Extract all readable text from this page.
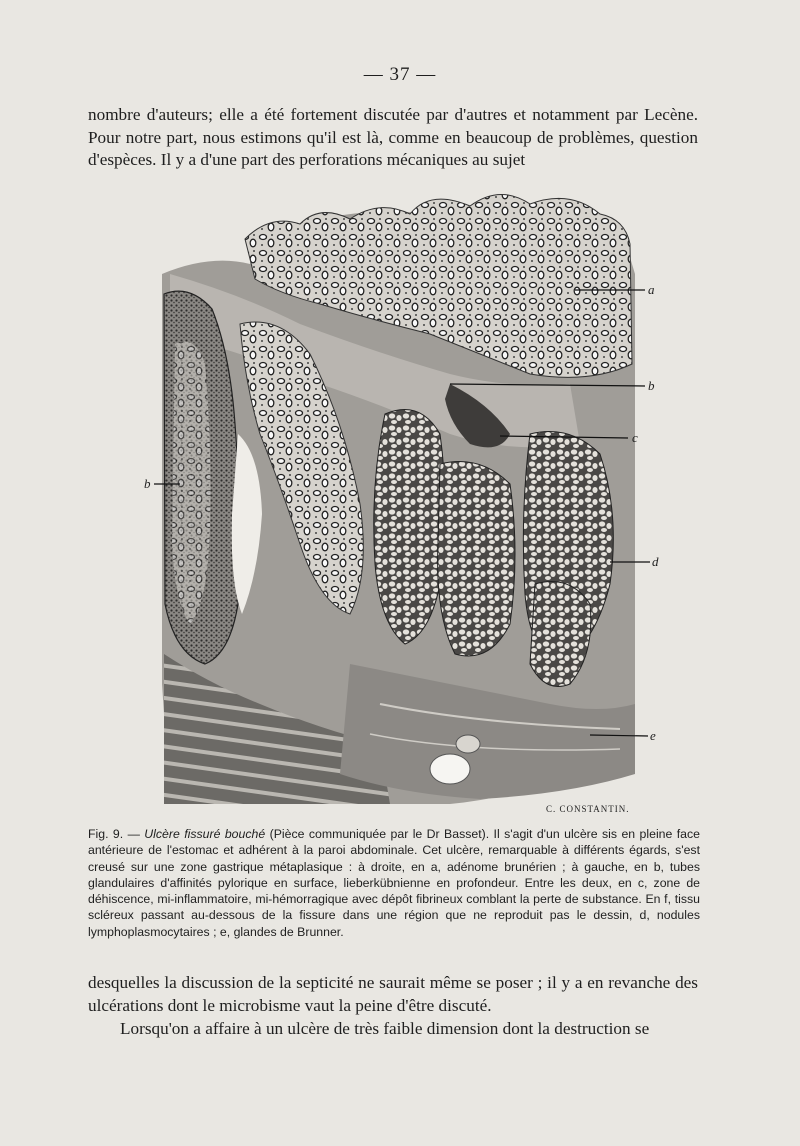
— 37 —

nombre d'auteurs; elle a été fortement discutée par d'autres et notamment par Lecène. Pour notre part, nous estimons qu'il est là, comme en beaucoup de problèmes, question d'espèces. Il y a d'une part des perforations mécaniques au sujet

a
b
c
b
d
e
C. CONSTANTIN.

Fig. 9. — Ulcère fissuré bouché (Pièce communiquée par le Dr Basset). Il s'agit d'un ulcère sis en pleine face antérieure de l'estomac et adhérent à la paroi abdominale. Cet ulcère, remarquable à différents égards, s'est creusé sur une zone gastrique métaplasique : à droite, en a, adénome brunérien ; à gauche, en b, tubes glandulaires d'affinités pylorique en surface, lieberkübnienne en profondeur. Entre les deux, en c, zone de déhiscence, mi-inflammatoire, mi-hémorragique avec dépôt fibrineux comblant la perte de substance. En f, tissu scléreux passant au-dessous de la fissure dans une région que ne reproduit pas le dessin, d, nodules lymphoplasmocytaires ; e, glandes de Brunner.

desquelles la discussion de la septicité ne saurait même se poser ; il y a en revanche des ulcérations dont le microbisme vaut la peine d'être discuté.

Lorsqu'on a affaire à un ulcère de très faible dimension dont la destruction se
